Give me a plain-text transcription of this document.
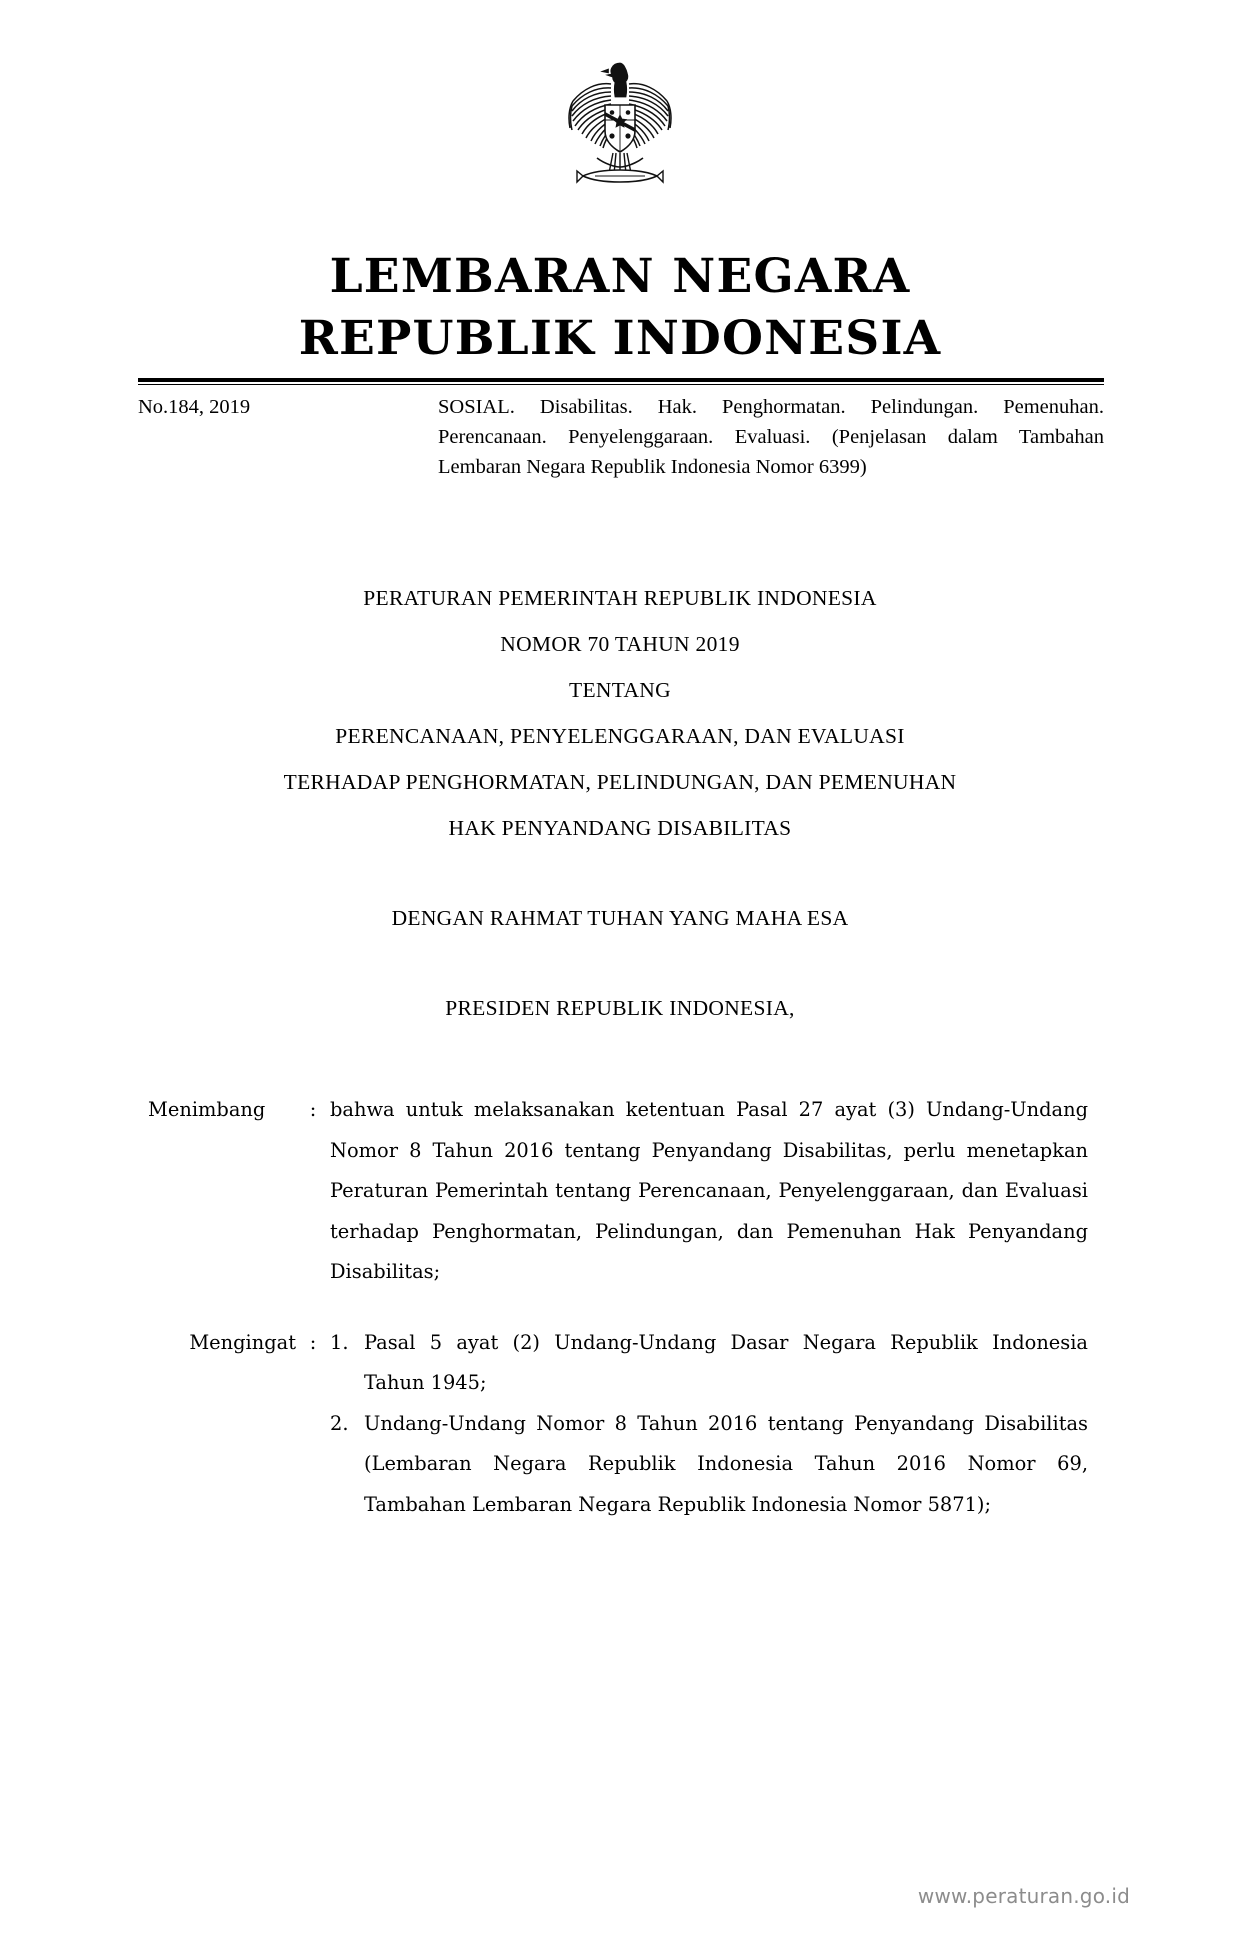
LEMBARAN NEGARA
REPUBLIK INDONESIA
No.184, 2019	SOSIAL. Disabilitas. Hak. Penghormatan. Pelindungan. Pemenuhan. Perencanaan. Penyelenggaraan. Evaluasi. (Penjelasan dalam Tambahan Lembaran Negara Republik Indonesia Nomor 6399)
PERATURAN PEMERINTAH REPUBLIK INDONESIA
NOMOR 70 TAHUN 2019
TENTANG
PERENCANAAN, PENYELENGGARAAN, DAN EVALUASI
TERHADAP PENGHORMATAN, PELINDUNGAN, DAN PEMENUHAN
HAK PENYANDANG DISABILITAS
DENGAN RAHMAT TUHAN YANG MAHA ESA
PRESIDEN REPUBLIK INDONESIA,
Menimbang	: bahwa untuk melaksanakan ketentuan Pasal 27 ayat (3) Undang-Undang Nomor 8 Tahun 2016 tentang Penyandang Disabilitas, perlu menetapkan Peraturan Pemerintah tentang Perencanaan, Penyelenggaraan, dan Evaluasi terhadap Penghormatan, Pelindungan, dan Pemenuhan Hak Penyandang Disabilitas;

Mengingat : 1. Pasal 5 ayat (2) Undang-Undang Dasar Negara Republik Indonesia Tahun 1945;
2. Undang-Undang Nomor 8 Tahun 2016 tentang Penyandang Disabilitas (Lembaran Negara Republik Indonesia Tahun 2016 Nomor 69, Tambahan Lembaran Negara Republik Indonesia Nomor 5871);
www.peraturan.go.id
